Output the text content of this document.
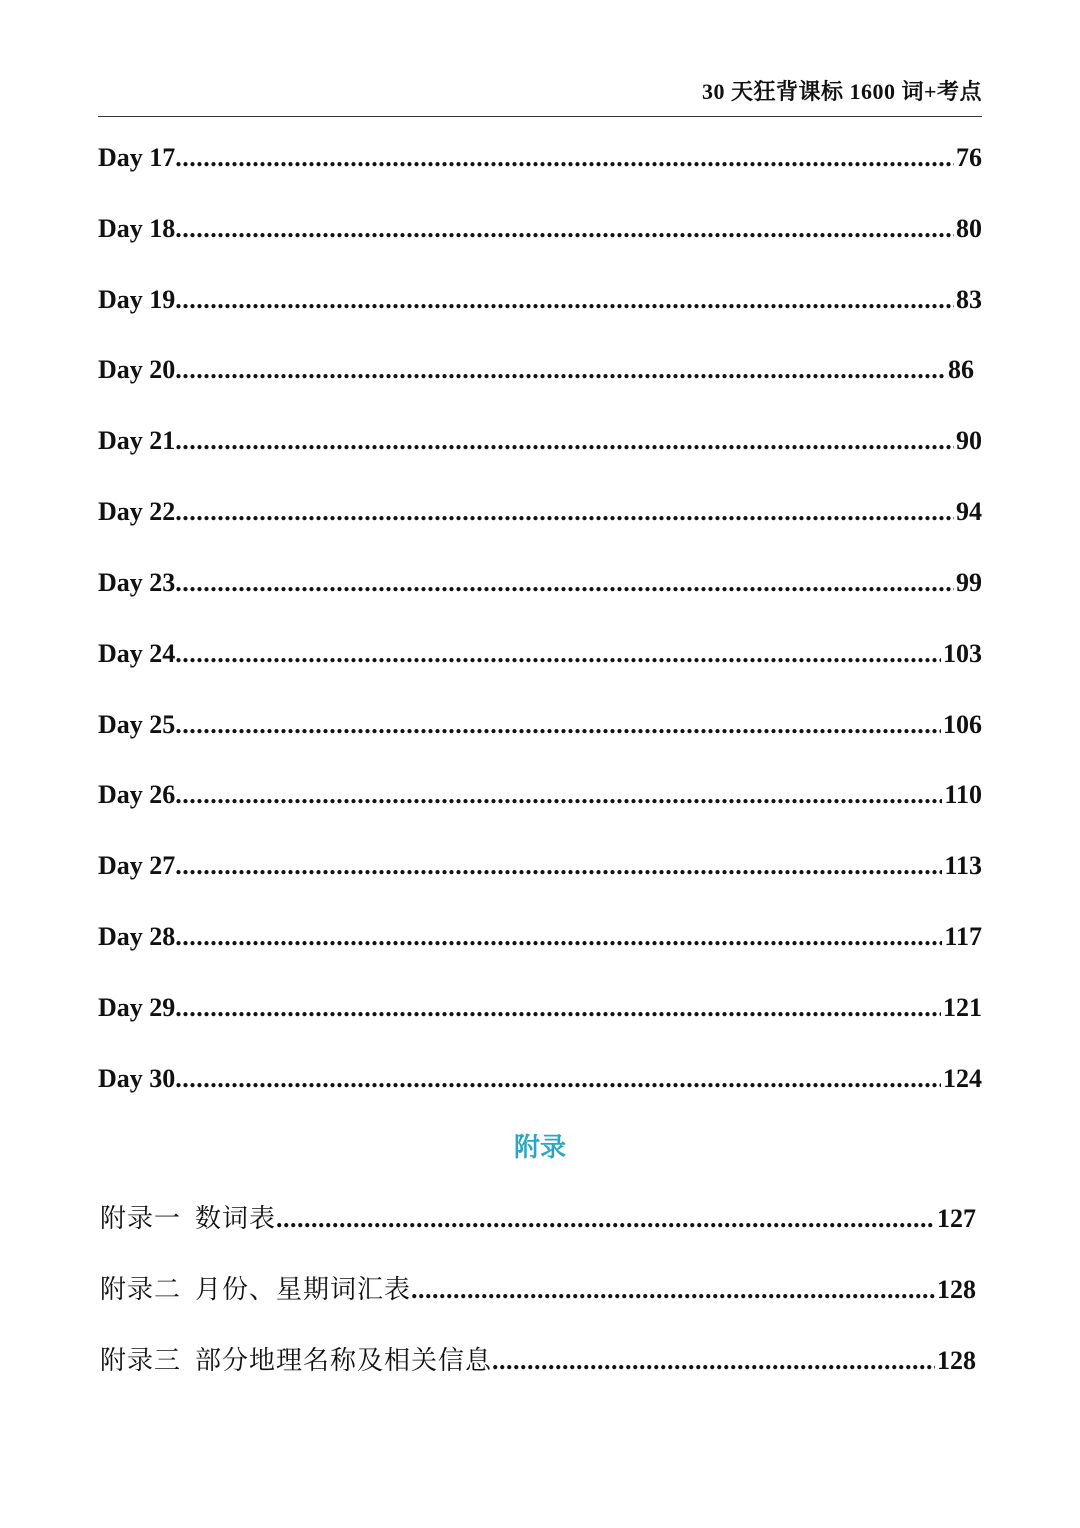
30 天狂背课标 1600 词+考点
Day 17 .....	76
Day 18 .....	80
Day 19 .....	83
Day 20 .....	86
Day 21 .....	90
Day 22 .....	94
Day 23 .....	99
Day 24 .....	103
Day 25 .....	106
Day 26 .....	110
Day 27 .....	113
Day 28 .....	117
Day 29 .....	121
Day 30 .....	124
附录
附录一 数词表 .....	127
附录二 月份、星期词汇表 .....	128
附录三 部分地理名称及相关信息 .....	128
